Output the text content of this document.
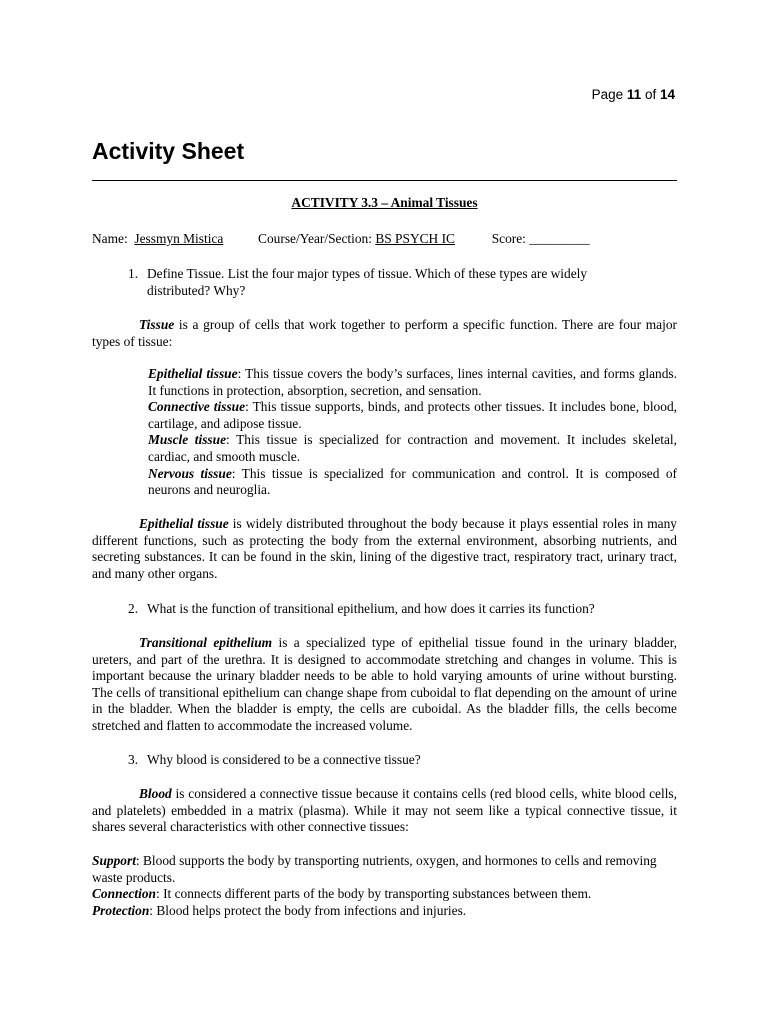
Page 11 of 14
Activity Sheet
ACTIVITY 3.3 – Animal Tissues
Name: Jessmyn Mistica	Course/Year/Section: BS PSYCH IC	Score: _________
1. Define Tissue. List the four major types of tissue. Which of these types are widely
distributed? Why?

Tissue is a group of cells that work together to perform a specific function. There are four major types of tissue:

Epithelial tissue: This tissue covers the body’s surfaces, lines internal cavities, and forms glands. It functions in protection, absorption, secretion, and sensation.

Connective tissue: This tissue supports, binds, and protects other tissues. It includes bone, blood, cartilage, and adipose tissue.

Muscle tissue: This tissue is specialized for contraction and movement. It includes skeletal, cardiac, and smooth muscle.

Nervous tissue: This tissue is specialized for communication and control. It is composed of neurons and neuroglia.

Epithelial tissue is widely distributed throughout the body because it plays essential roles in many different functions, such as protecting the body from the external environment, absorbing nutrients, and secreting substances. It can be found in the skin, lining of the digestive tract, respiratory tract, urinary tract, and many other organs.

2. What is the function of transitional epithelium, and how does it carries its function?

Transitional epithelium is a specialized type of epithelial tissue found in the urinary bladder, ureters, and part of the urethra. It is designed to accommodate stretching and changes in volume. This is important because the urinary bladder needs to be able to hold varying amounts of urine without bursting. The cells of transitional epithelium can change shape from cuboidal to flat depending on the amount of urine in the bladder. When the bladder is empty, the cells are cuboidal. As the bladder fills, the cells become stretched and flatten to accommodate the increased volume.

3. Why blood is considered to be a connective tissue?

Blood is considered a connective tissue because it contains cells (red blood cells, white blood cells, and platelets) embedded in a matrix (plasma). While it may not seem like a typical connective tissue, it shares several characteristics with other connective tissues:

Support: Blood supports the body by transporting nutrients, oxygen, and hormones to cells and removing waste products.

Connection: It connects different parts of the body by transporting substances between them.

Protection: Blood helps protect the body from infections and injuries.
